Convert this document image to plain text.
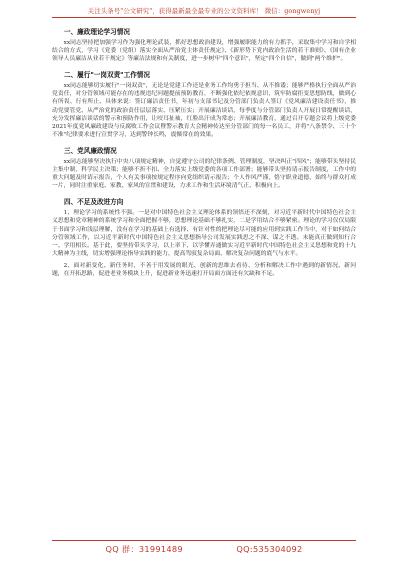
关注头条号"公文研究"，获得最新最全最专业的公文资料库！ 微信：gongwenyj
一、廉政理论学习情况

xx同志坚持把加强学习作为强化理论武装，抓好思想政治建设，增强履职能力的有力抓手，采取集中学习和自学相结合的方式，学习《党委（党组）落实全面从严治党主体责任规定》、《新形势下党内政治生活的若干准则》、《国有企业领导人员廉洁从业若干规定》等廉洁法规和有关制度，进一步树牢"四个意识"，坚定"四个自信"，做到"两个维护"。

二、履行"一岗双责"工作情况

xx同志能够切实履行"一岗双责"，无论是党建工作还是业务工作均勇于担当、从不推诿；能够严格执行全面从严治党责任，对分管领域可能存在的违规违纪问题提前预防教育，不断强化依纪依规意识，筑牢防腐拒变思想防线，做到心有所畏、行有所止、具体来说：签订廉洁责任书，年初与支部书记及分管部门负责人签订《党风廉洁建设责任书》，推动党要管党、从严治党的政治责任层层落实、压紧压实；开展廉洁谈话，每季度与分管部门负责人开展日常提醒谈话，充分发挥廉洁谈话的警示和预防作用，让咬耳扯袖，红脸出汗成为常态；开展廉洁教育，通过召开专题会议将上级党委2021年度党风廉政建设与反腐败工作会议暨警示教育大会精神传达至分管部门的每一名员工，并将"八条禁令、三十个不准"纪律要求进行宣贯学习，达到警钟长鸣，震慑常在的效果。

三、党风廉政情况

xx同志能够坚决执行中央八项规定精神，自觉遵守公司的纪律条例、管理制度，坚决纠正"四风"；能够带头坚持民主集中制，科学民主决策；能够不折不扣、全力落实上级党委的各项工作部署；能够带头坚持请示报告制度，工作中的重大问题及时请示报告，个人有关事项按规定程序向党组织请示报告；个人作风严谨，恪守职业道德，始终与群众打成一片，同时注重家庭、家教、家风的宣贯和建设，力求工作和生活环境清气正、积极向上。

四、不足及改进方向

1、理论学习的系统性不强。一是对中国特色社会主义理论体系的领悟还不深刻，对习近平新时代中国特色社会主义思想和党章精神的系统学习和全面把握不够，思想理论基础不够扎实，二是学用结合不够紧密。理论的学习仅仅局限于书面学习和浅层理解，没有在学习的基础上有选择、有针对性的把理论尽可能的应用到实践工作当中，对于如何结合分管领域工作，以习近平新时代中国特色社会主义思想指导公司发展实践思之不深、谋之不透。未能真正做到知行合一、学用相长。基于此，要坚持带头学习，以上率下，以学懂弄通做实习近平新时代中国特色社会主义思想和党的十九大精神为主线，切实增强理论指导实践的能力，提高驾驭复杂局面、解决复杂问题的底气与水平。

2、面对新变化、新任务时，不善于用发展的眼光、创新的思维去看待、分析和解决工作中遇到的新情况、新问题，在开拓思路，促进老业务模块上升，促进新业务迅速打开局面方面还有欠缺和不足。

QQ 群：31991489	QQ:535304092
